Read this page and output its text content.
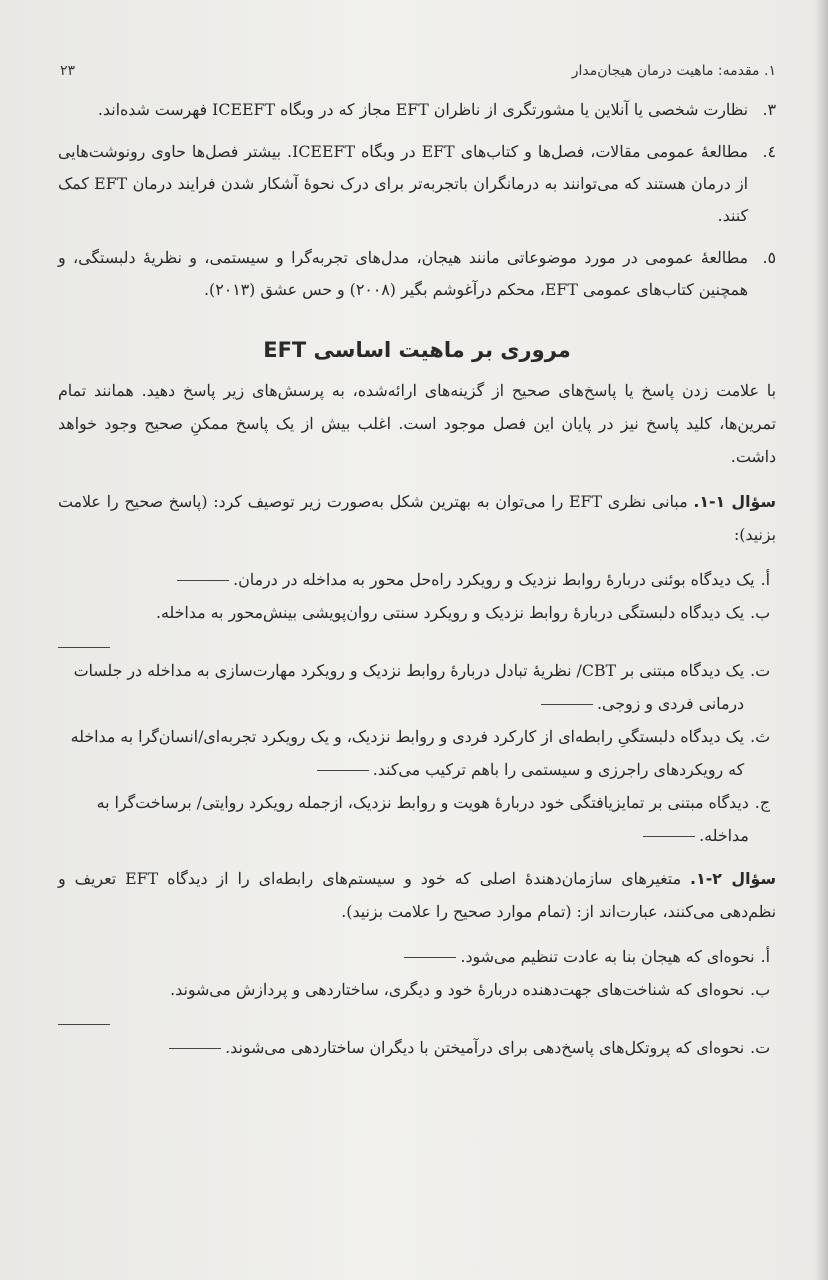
۱. مقدمه: ماهیت درمان هیجان‌مدار
۲۳
۳.
نظارت شخصی یا آنلاین یا مشورتگری از ناظران EFT مجاز که در وبگاه ICEEFT فهرست شده‌اند.
٤.
مطالعهٔ عمومی مقالات، فصل‌ها و کتاب‌های EFT در وبگاه ICEEFT. بیشتر فصل‌ها حاوی رونوشت‌هایی از درمان هستند که می‌توانند به درمانگران باتجربه‌تر برای درک نحوهٔ آشکار شدن فرایند درمان EFT کمک کنند.
٥.
مطالعهٔ عمومی در مورد موضوعاتی مانند هیجان، مدل‌های تجربه‌گرا و سیستمی، و نظریهٔ دلبستگی، و همچنین کتاب‌های عمومی EFT، محکم درآغوشم بگیر (۲۰۰۸) و حس عشق (۲۰۱۳).
مروری بر ماهیت اساسی EFT

با علامت زدن پاسخ یا پاسخ‌های صحیح از گزینه‌های ارائه‌شده، به پرسش‌های زیر پاسخ دهید. همانند تمام تمرین‌ها، کلید پاسخ نیز در پایان این فصل موجود است. اغلب بیش از یک پاسخ ممکنِ صحیح وجود خواهد داشت.

سؤال ۱-۱. مبانی نظری EFT را می‌توان به بهترین شکل به‌صورت زیر توصیف کرد: (پاسخ صحیح را علامت بزنید):

أ.
یک دیدگاه بوئنی دربارهٔ روابط نزدیک و رویکرد راه‌حل محور به مداخله در درمان.
ب.
یک دیدگاه دلبستگی دربارهٔ روابط نزدیک و رویکرد سنتی روان‌پویشی بینش‌محور به مداخله.
ت.
یک دیدگاه مبتنی بر CBT/ نظریهٔ تبادل دربارهٔ روابط نزدیک و رویکرد مهارت‌سازی به مداخله در جلسات درمانی فردی و زوجی.
ث.
یک دیدگاه دلبستگیِ رابطه‌ای از کارکرد فردی و روابط نزدیک، و یک رویکرد تجربه‌ای/انسان‌گرا به مداخله که رویکردهای راجرزی و سیستمی را باهم ترکیب می‌کند.
ج.
دیدگاه مبتنی بر تمایزیافتگی خود دربارهٔ هویت و روابط نزدیک، ازجمله رویکرد روایتی/ برساخت‌گرا به مداخله.

سؤال ۲-۱. متغیرهای سازمان‌دهندهٔ اصلی که خود و سیستم‌های رابطه‌ای را از دیدگاه EFT تعریف و نظم‌دهی می‌کنند، عبارت‌اند از: (تمام موارد صحیح را علامت بزنید).

أ.
نحوه‌ای که هیجان بنا به عادت تنظیم می‌شود.
ب.
نحوه‌ای که شناخت‌های جهت‌دهنده دربارهٔ خود و دیگری، ساختاردهی و پردازش می‌شوند.
ت.
نحوه‌ای که پروتکل‌های پاسخ‌دهی برای درآمیختن با دیگران ساختاردهی می‌شوند.
